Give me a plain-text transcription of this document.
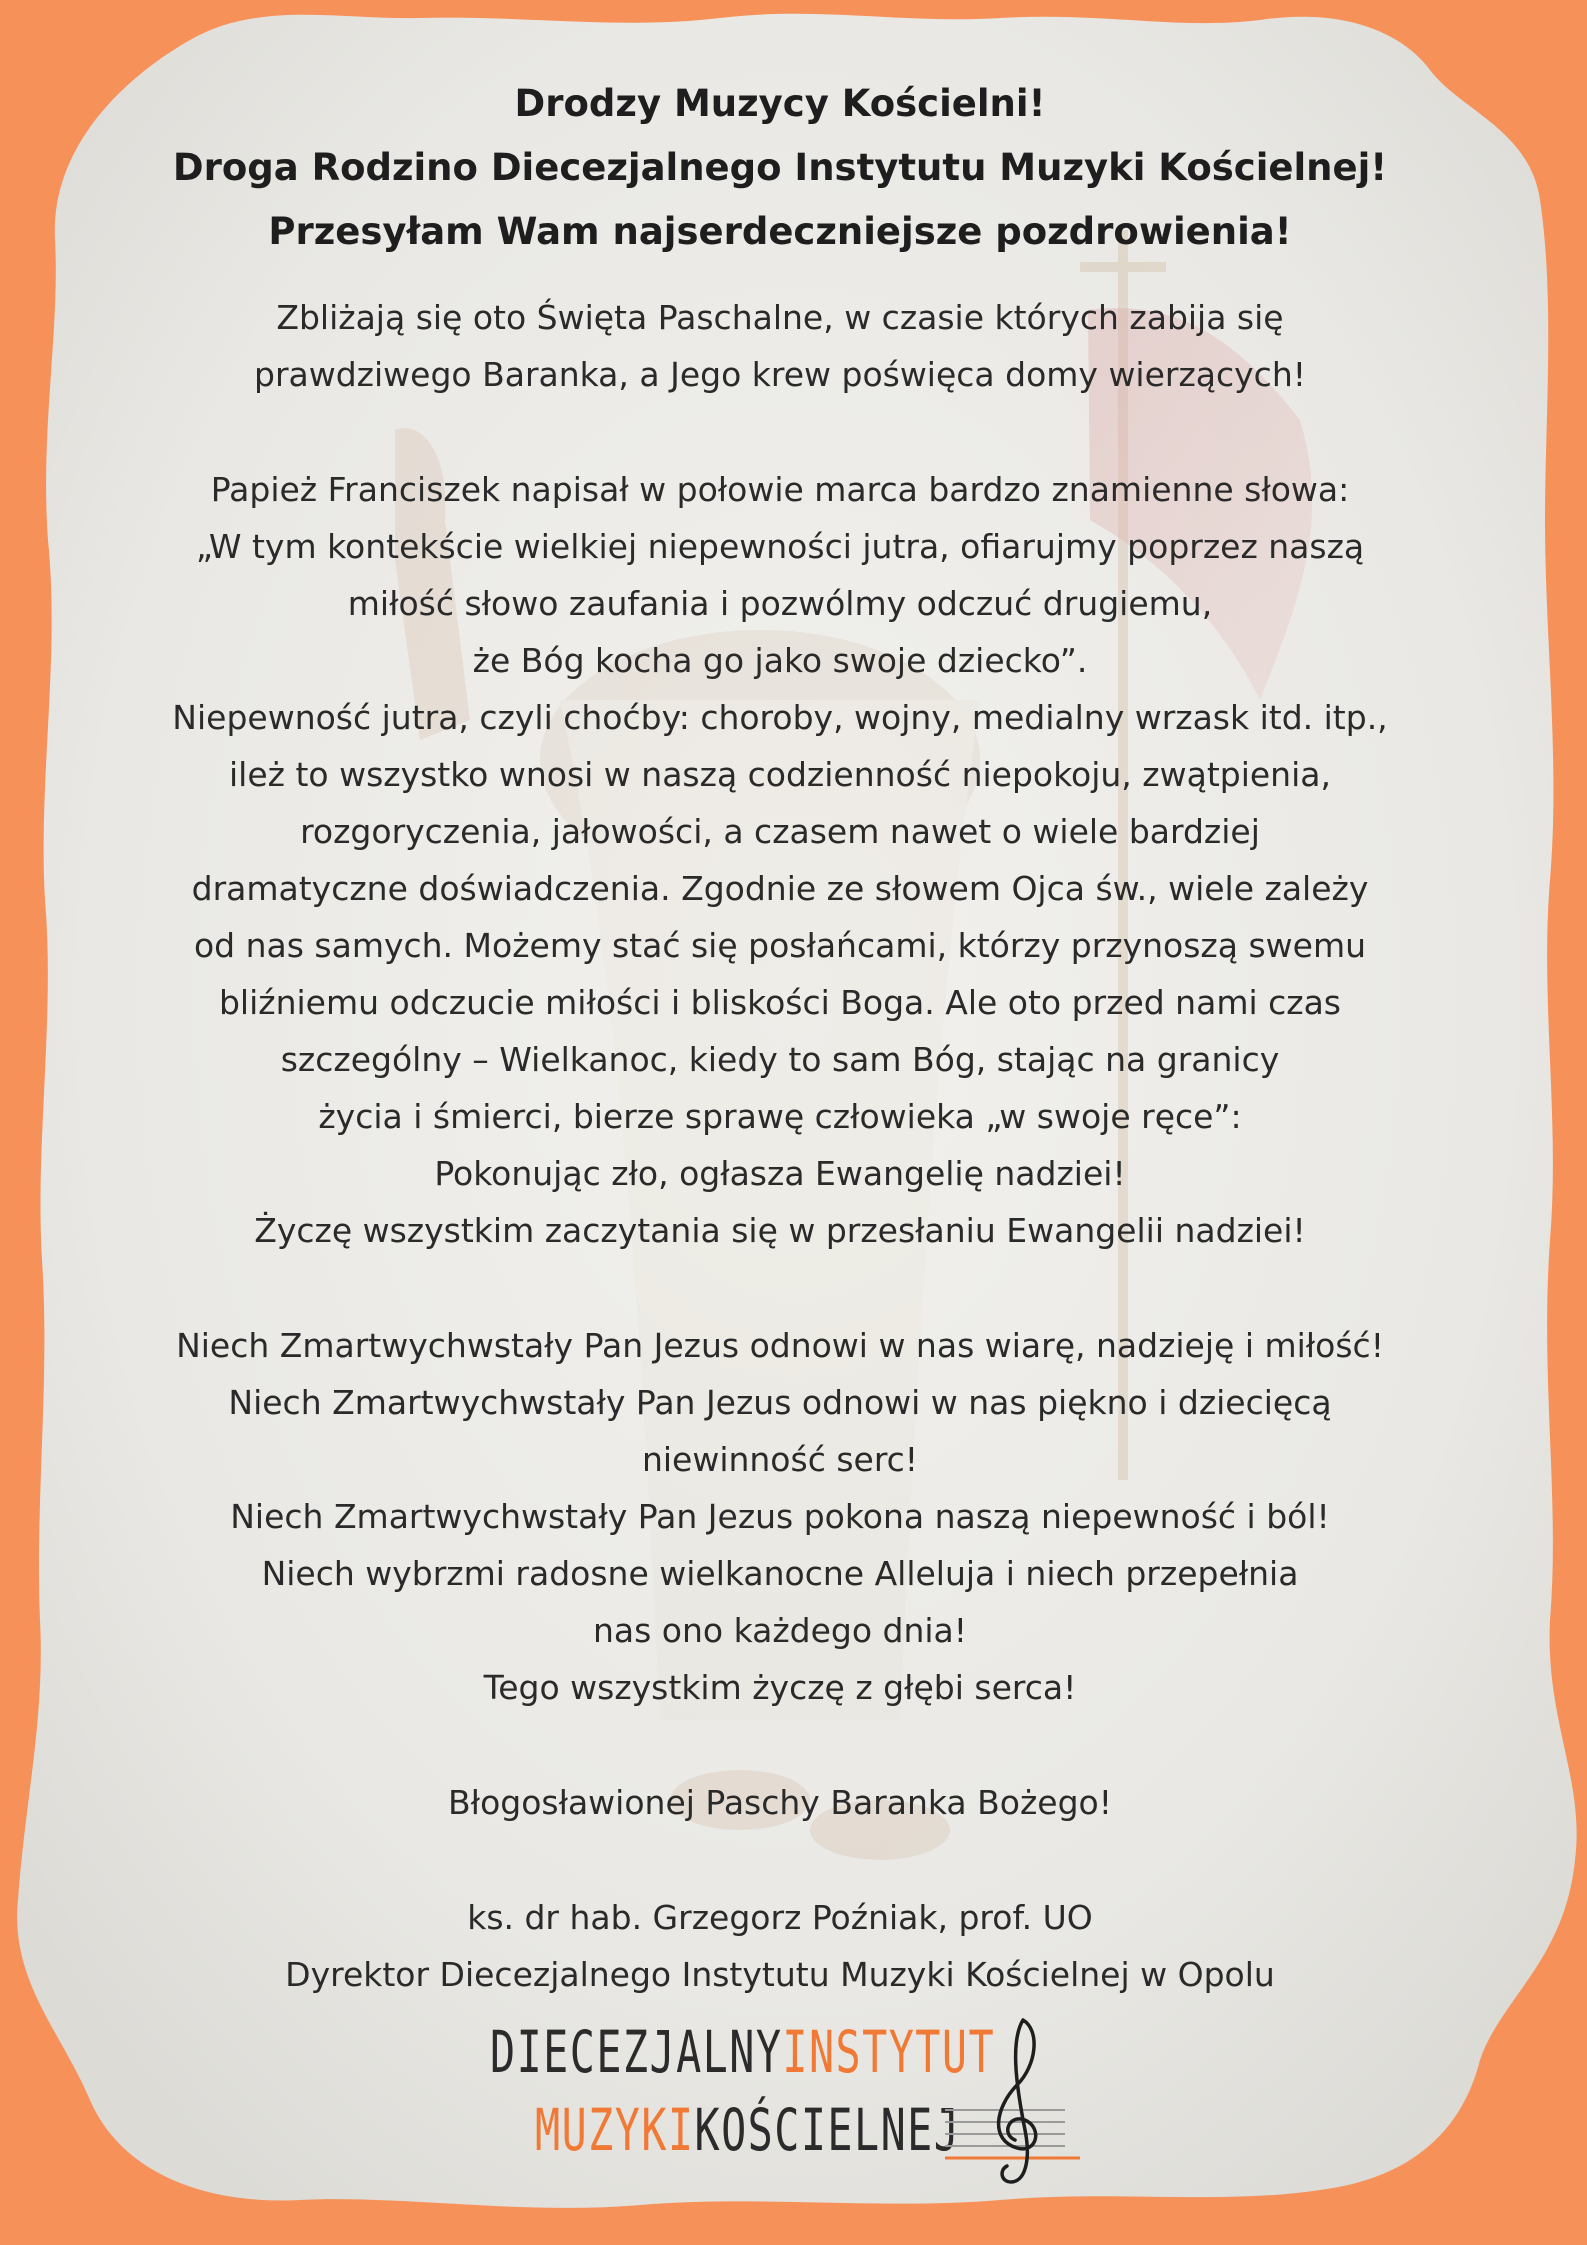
Drodzy Muzycy Kościelni!
Droga Rodzino Diecezjalnego Instytutu Muzyki Kościelnej!
Przesyłam Wam najserdeczniejsze pozdrowienia!
Zbliżają się oto Święta Paschalne, w czasie których zabija się
prawdziwego Baranka, a Jego krew poświęca domy wierzących!
Papież Franciszek napisał w połowie marca bardzo znamienne słowa:
„W tym kontekście wielkiej niepewności jutra, ofiarujmy poprzez naszą
miłość słowo zaufania i pozwólmy odczuć drugiemu,
że Bóg kocha go jako swoje dziecko”.
Niepewność jutra, czyli choćby: choroby, wojny, medialny wrzask itd. itp.,
ileż to wszystko wnosi w naszą codzienność niepokoju, zwątpienia,
rozgoryczenia, jałowości, a czasem nawet o wiele bardziej
dramatyczne doświadczenia. Zgodnie ze słowem Ojca św., wiele zależy
od nas samych. Możemy stać się posłańcami, którzy przynoszą swemu
bliźniemu odczucie miłości i bliskości Boga. Ale oto przed nami czas
szczególny – Wielkanoc, kiedy to sam Bóg, stając na granicy
życia i śmierci, bierze sprawę człowieka „w swoje ręce”:
Pokonując zło, ogłasza Ewangelię nadziei!
Życzę wszystkim zaczytania się w przesłaniu Ewangelii nadziei!
Niech Zmartwychwstały Pan Jezus odnowi w nas wiarę, nadzieję i miłość!
Niech Zmartwychwstały Pan Jezus odnowi w nas piękno i dziecięcą
niewinność serc!
Niech Zmartwychwstały Pan Jezus pokona naszą niepewność i ból!
Niech wybrzmi radosne wielkanocne Alleluja i niech przepełnia
nas ono każdego dnia!
Tego wszystkim życzę z głębi serca!
Błogosławionej Paschy Baranka Bożego!
ks. dr hab. Grzegorz Poźniak, prof. UO
Dyrektor Diecezjalnego Instytutu Muzyki Kościelnej w Opolu
DIECEZJALNYINSTYTUT
MUZYKIKOŚCIELNEJ
